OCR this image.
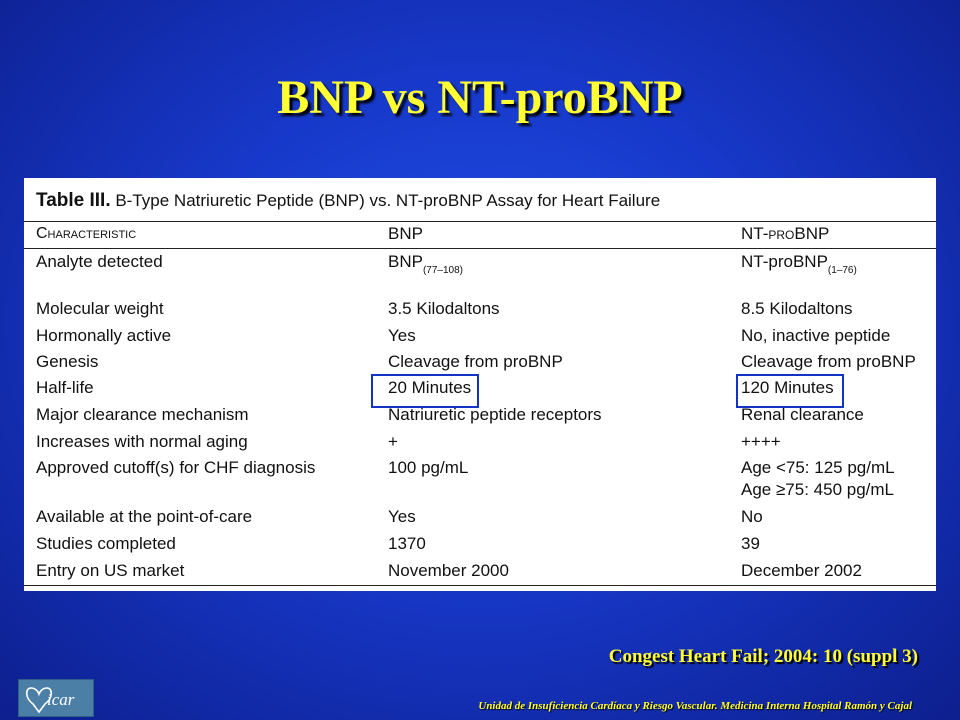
BNP vs NT-proBNP
Table III. B-Type Natriuretic Peptide (BNP) vs. NT-proBNP Assay for Heart Failure
Characteristic	BNP	NT-proBNP
Analyte detected	$BNP_{(77-108)}$	NT-proBNP$_{(1-76)}$
Molecular weight	3.5 Kilodaltons	8.5 Kilodaltons
Hormonally active	Yes	No, inactive peptide
Genesis	Cleavage from proBNP	Cleavage from proBNP
Half-life	20 Minutes	120 Minutes
Major clearance mechanism	Natriuretic peptide receptors	Renal clearance
Increases with normal aging	+	++++
Approved cutoff(s) for CHF diagnosis	100 pg/mL	Age <75: 125 pg/mL
Age ≥75: 450 pg/mL
Available at the point-of-care	Yes	No
Studies completed	1370	39
Entry on US market	November 2000	December 2002
Congest Heart Fail; 2004: 10 (suppl 3)
icar	Unidad de Insuficiencia Cardíaca y Riesgo Vascular. Medicina Interna Hospital Ramón y Cajal
